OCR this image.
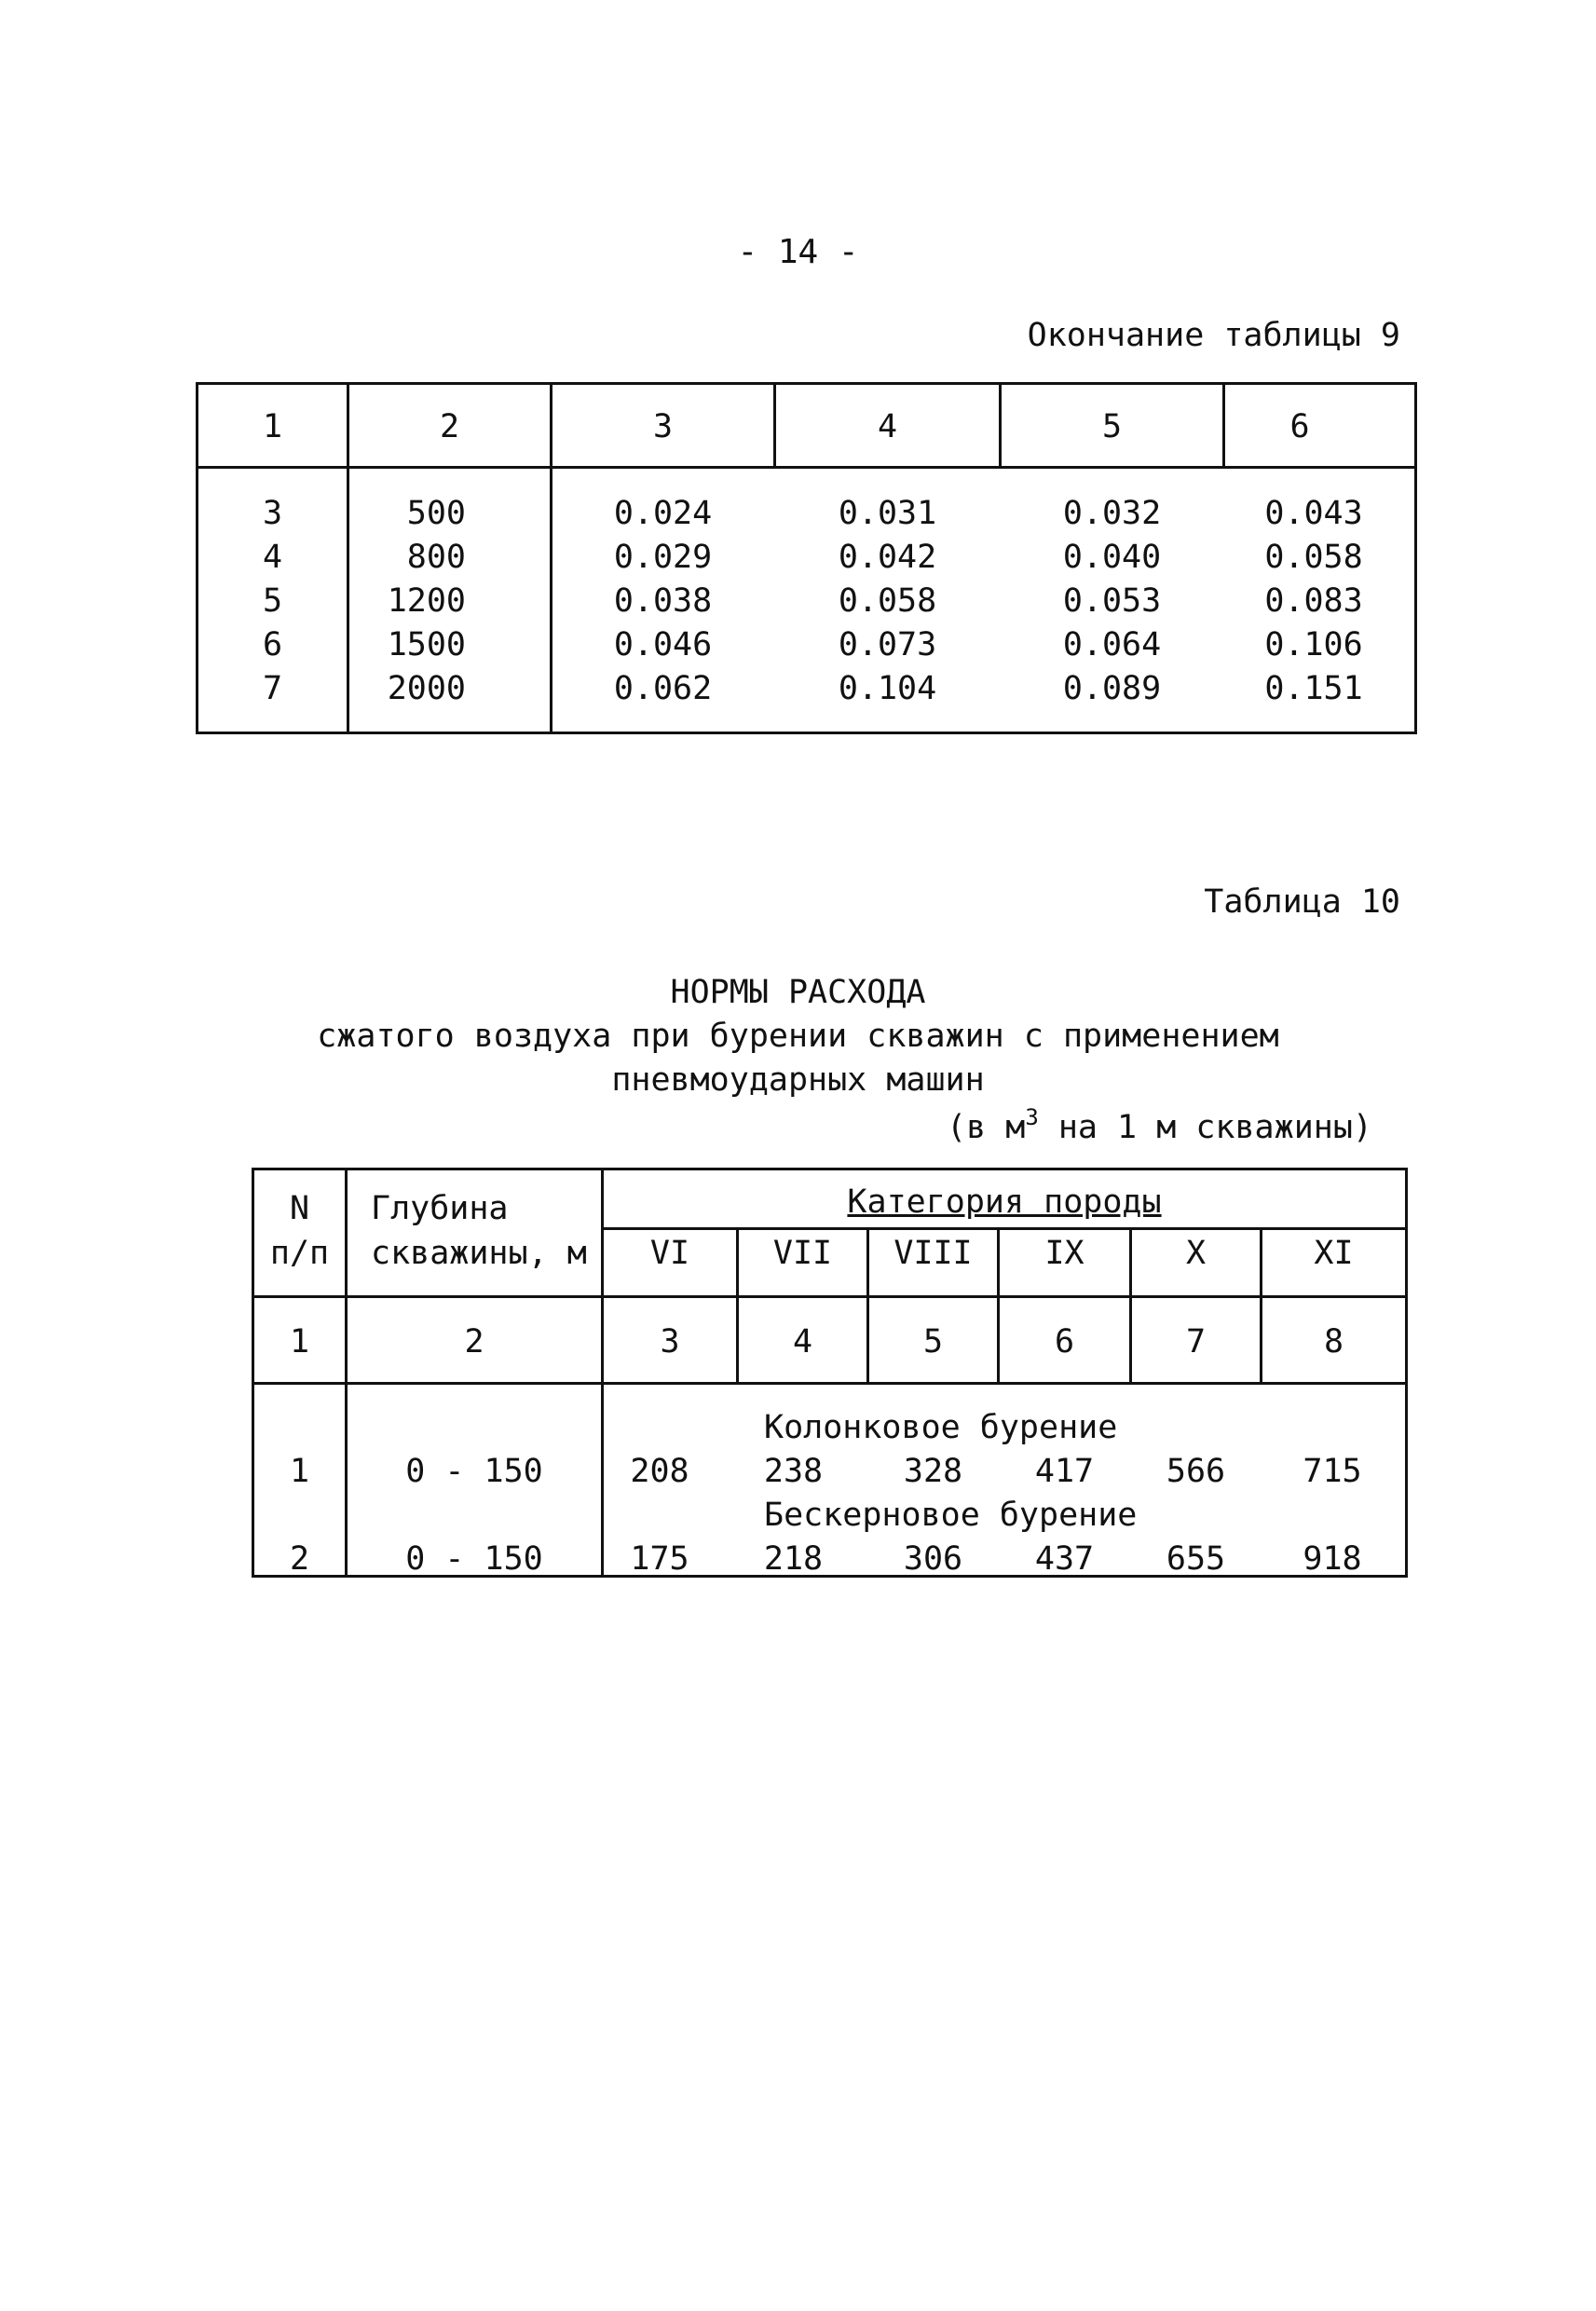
- 14 -
Окончание таблицы 9
1	2	3	4	5	6
3	500	0.024	0.031	0.032	0.043
4	800	0.029	0.042	0.040	0.058
5	1200	0.038	0.058	0.053	0.083
6	1500	0.046	0.073	0.064	0.106
7	2000	0.062	0.104	0.089	0.151
Таблица 10
НОРМЫ РАСХОДА
сжатого воздуха при бурении скважин с применением
пневмоударных машин
(в $м^3$ на 1 м скважины)
N
п/п
Глубина
скважины, м
Категория породы
VI	VII	VIII	IX	X	XI
1	2	3	4	5	6	7	8
Колонковое бурение
1	0 - 150	208	238	328	417	566	715
Бескерновое бурение
2	0 - 150	175	218	306	437	655	918
